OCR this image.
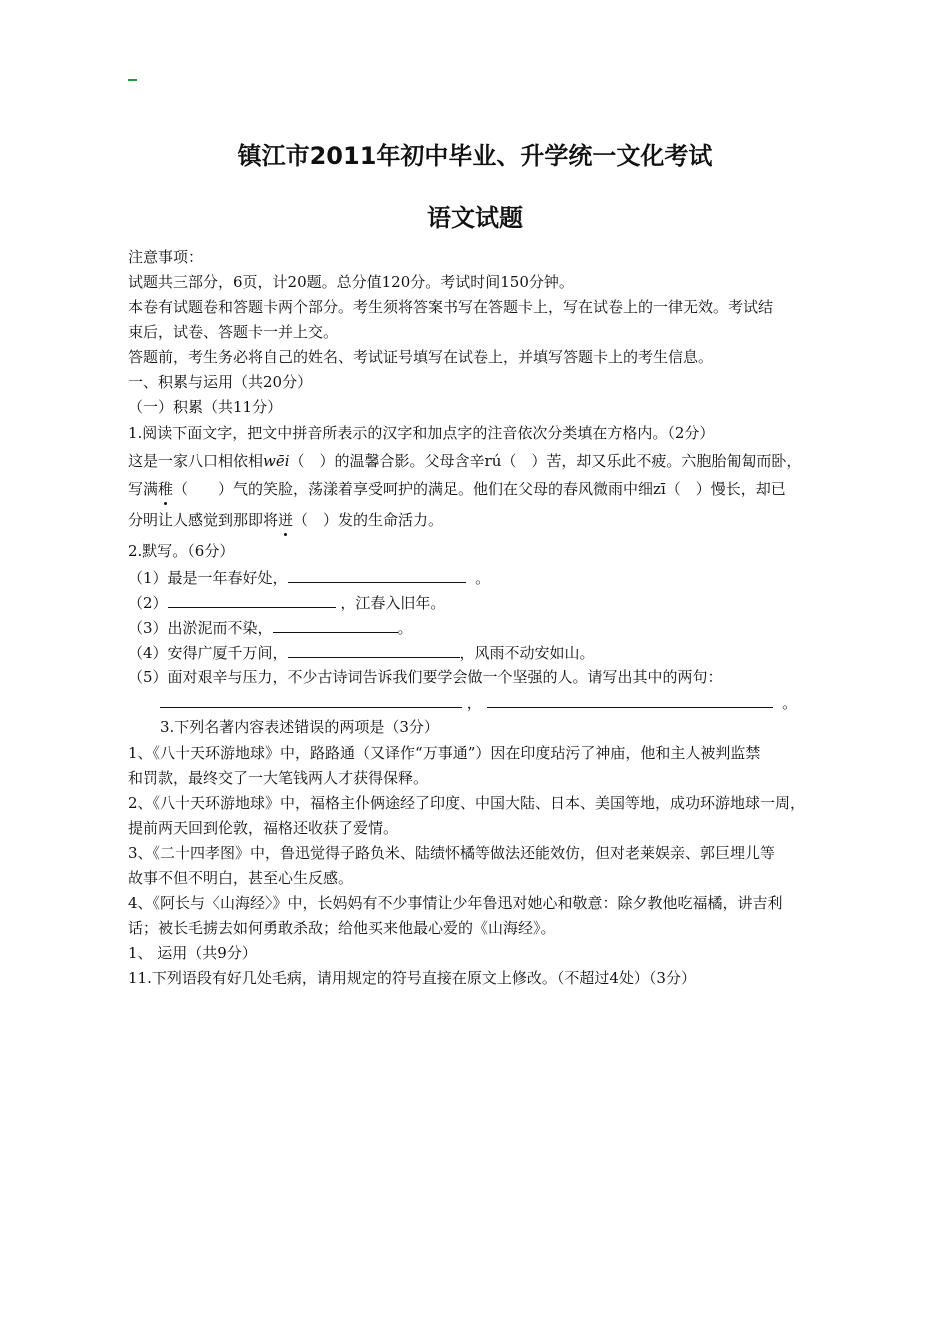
镇江市2011年初中毕业、升学统一文化考试
语文试题
注意事项：
试题共三部分，6页，计20题。总分值120分。考试时间150分钟。
本卷有试题卷和答题卡两个部分。考生须将答案书写在答题卡上，写在试卷上的一律无效。考试结
束后，试卷、答题卡一并上交。
答题前，考生务必将自己的姓名、考试证号填写在试卷上，并填写答题卡上的考生信息。
一、积累与运用（共20分）
（一）积累（共11分）
1.阅读下面文字，把文中拼音所表示的汉字和加点字的注音依次分类填在方格内。（2分）
这是一家八口相依相wēi（　）的温馨合影。父母含辛rú（　）苦，却又乐此不疲。六胞胎匍匐而卧，
写满稚（　　）气的笑脸，荡漾着享受呵护的满足。他们在父母的春风微雨中细zī（　）慢长，却已
分明让人感觉到那即将迸（　）发的生命活力。
2.默写。（6分）
（1）最是一年春好处，	。
（2）	，江春入旧年。
（3）出淤泥而不染，	。
（4）安得广厦千万间，	，风雨不动安如山。
（5）面对艰辛与压力，不少古诗词告诉我们要学会做一个坚强的人。请写出其中的两句：
，	。
3.下列名著内容表述错误的两项是（3分）
1、《八十天环游地球》中，路路通（又译作“万事通”）因在印度玷污了神庙，他和主人被判监禁
和罚款，最终交了一大笔钱两人才获得保释。
2、《八十天环游地球》中，福格主仆俩途经了印度、中国大陆、日本、美国等地，成功环游地球一周，
提前两天回到伦敦，福格还收获了爱情。
3、《二十四孝图》中，鲁迅觉得子路负米、陆绩怀橘等做法还能效仿，但对老莱娱亲、郭巨埋儿等
故事不但不明白，甚至心生反感。
4、《阿长与〈山海经〉》中，长妈妈有不少事情让少年鲁迅对她心和敬意：除夕教他吃福橘，讲吉利
话；被长毛掳去如何勇敢杀敌；给他买来他最心爱的《山海经》。
1、 运用（共9分）
11.下列语段有好几处毛病，请用规定的符号直接在原文上修改。（不超过4处）（3分）
